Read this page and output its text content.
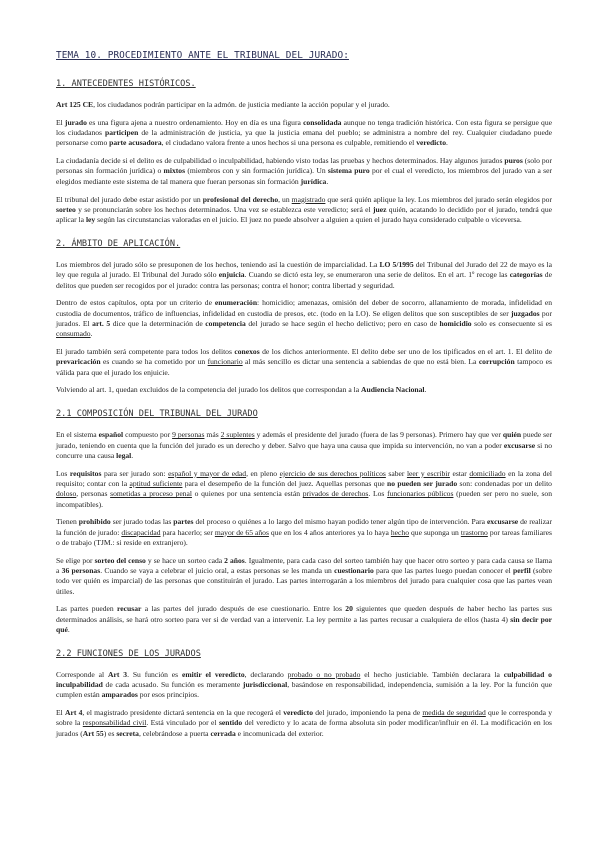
TEMA 10. PROCEDIMIENTO ANTE EL TRIBUNAL DEL JURADO:
1. ANTECEDENTES HISTÓRICOS.

Art 125 CE, los ciudadanos podrán participar en la admón. de justicia mediante la acción popular y el jurado.

El jurado es una figura ajena a nuestro ordenamiento. Hoy en día es una figura consolidada aunque no tenga tradición histórica. Con esta figura se persigue que los ciudadanos participen de la administración de justicia, ya que la justicia emana del pueblo; se administra a nombre del rey. Cualquier ciudadano puede personarse como parte acusadora, el ciudadano valora frente a unos hechos si una persona es culpable, remitiendo el veredicto.

La ciudadanía decide si el delito es de culpabilidad o inculpabilidad, habiendo visto todas las pruebas y hechos determinados. Hay algunos jurados puros (solo por personas sin formación jurídica) o mixtos (miembros con y sin formación jurídica). Un sistema puro por el cual el veredicto, los miembros del jurado van a ser elegidos mediante este sistema de tal manera que fueran personas sin formación jurídica.

El tribunal del jurado debe estar asistido por un profesional del derecho, un magistrado que será quién aplique la ley. Los miembros del jurado serán elegidos por sorteo y se pronunciarán sobre los hechos determinados. Una vez se establezca este veredicto; será el juez quién, acatando lo decidido por el jurado, tendrá que aplicar la ley según las circunstancias valoradas en el juicio. El juez no puede absolver a alguien a quien el jurado haya considerado culpable o viceversa.

2. ÁMBITO DE APLICACIÓN.

Los miembros del jurado sólo se presuponen de los hechos, teniendo así la cuestión de imparcialidad. La LO 5/1995 del Tribunal del Jurado del 22 de mayo es la ley que regula al jurado. El Tribunal del Jurado sólo enjuicia. Cuando se dictó esta ley, se enumeraron una serie de delitos. En el art. 1º recoge las categorías de delitos que pueden ser recogidos por el jurado: contra las personas; contra el honor; contra libertad y seguridad.

Dentro de estos capítulos, opta por un criterio de enumeración: homicidio; amenazas, omisión del deber de socorro, allanamiento de morada, infidelidad en custodia de documentos, tráfico de influencias, infidelidad en custodia de presos, etc. (todo en la LO). Se eligen delitos que son susceptibles de ser juzgados por jurados. El art. 5 dice que la determinación de competencia del jurado se hace según el hecho delictivo; pero en caso de homicidio solo es consecuente si es consumado.

El jurado también será competente para todos los delitos conexos de los dichos anteriormente. El delito debe ser uno de los tipificados en el art. 1. El delito de prevaricación es cuando se ha cometido por un funcionario al más sencillo es dictar una sentencia a sabiendas de que no está bien. La corrupción tampoco es válida para que el jurado los enjuicie.

Volviendo al art. 1, quedan excluidos de la competencia del jurado los delitos que correspondan a la Audiencia Nacional.

2.1 COMPOSICIÓN DEL TRIBUNAL DEL JURADO

En el sistema español compuesto por 9 personas más 2 suplentes y además el presidente del jurado (fuera de las 9 personas). Primero hay que ver quién puede ser jurado, teniendo en cuenta que la función del jurado es un derecho y deber. Salvo que haya una causa que impida su intervención, no van a poder excusarse si no concurre una causa legal.

Los requisitos para ser jurado son: español y mayor de edad, en pleno ejercicio de sus derechos políticos saber leer y escribir estar domiciliado en la zona del requisito; contar con la aptitud suficiente para el desempeño de la función del juez. Aquellas personas que no pueden ser jurado son: condenadas por un delito doloso, personas sometidas a proceso penal o quienes por una sentencia están privados de derechos. Los funcionarios públicos (pueden ser pero no suele, son incompatibles).

Tienen prohibido ser jurado todas las partes del proceso o quiénes a lo largo del mismo hayan podido tener algún tipo de intervención. Para excusarse de realizar la función de jurado: discapacidad para hacerlo; ser mayor de 65 años que en los 4 años anteriores ya lo haya hecho que suponga un trastorno por tareas familiares o de trabajo (TJM.: si reside en extranjero).

Se elige por sorteo del censo y se hace un sorteo cada 2 años. Igualmente, para cada caso del sorteo también hay que hacer otro sorteo y para cada causa se llama a 36 personas. Cuando se vaya a celebrar el juicio oral, a estas personas se les manda un cuestionario para que las partes luego puedan conocer el perfil (sobre todo ver quién es imparcial) de las personas que constituirán el jurado. Las partes interrogarán a los miembros del jurado para cualquier cosa que las partes vean útiles.

Las partes pueden recusar a las partes del jurado después de ese cuestionario. Entre los 20 siguientes que queden después de haber hecho las partes sus determinados análisis, se hará otro sorteo para ver si de verdad van a intervenir. La ley permite a las partes recusar a cualquiera de ellos (hasta 4) sin decir por qué.

2.2 FUNCIONES DE LOS JURADOS

Corresponde al Art 3. Su función es emitir el veredicto, declarando probado o no probado el hecho justiciable. También declarara la culpabilidad o inculpabilidad de cada acusado. Su función es meramente jurisdiccional, basándose en responsabilidad, independencia, sumisión a la ley. Por la función que cumplen están amparados por esos principios.

El Art 4, el magistrado presidente dictará sentencia en la que recogerá el veredicto del jurado, imponiendo la pena de medida de seguridad que le corresponda y sobre la responsabilidad civil. Está vinculado por el sentido del veredicto y lo acata de forma absoluta sin poder modificar/influir en él. La modificación en los jurados (Art 55) es secreta, celebrándose a puerta cerrada e incomunicada del exterior.
